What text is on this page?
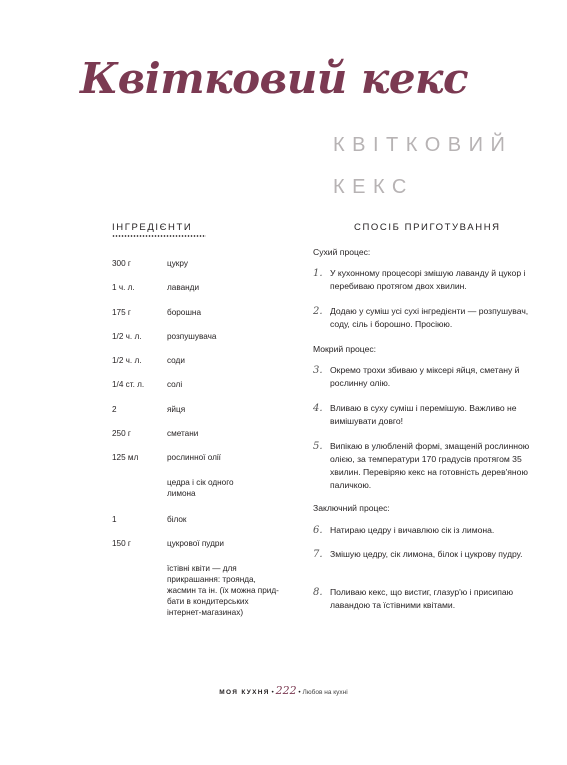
Квітковий кекс
КВІТКОВИЙ КЕКС
ІНГРЕДІЄНТИ	СПОСІБ ПРИГОТУВАННЯ
300 г	цукру
1 ч. л.	лаванди
175 г	борошна
1/2 ч. л.	розпушувача
1/2 ч. л.	соди
1/4 ст. л.	солі
2	яйця
250 г	сметани
125 мл	рослинної олії
цедра і сік одного лимона
1	білок
150 г	цукрової пудри
їстівні квіти — для прикрашання: троянда, жасмин та ін. (їх можна прид-бати в кондитерських інтернет-магазинах)
Сухий процес:
1. У кухонному процесорі змішую лаванду й цукор і перебиваю протягом двох хвилин.
2. Додаю у суміш усі сухі інгредієнти — розпушувач, соду, сіль і борошно. Просіюю.
Мокрий процес:
3. Окремо трохи збиваю у міксері яйця, сметану й рослинну олію.
4. Вливаю в суху суміш і перемішую. Важливо не вимішувати довго!
5. Випікаю в улюбленій формі, змащеній рослинною олією, за температури 170 градусів протягом 35 хвилин. Перевіряю кекс на готовність дерев'яною паличкою.
Заключний процес:
6. Натираю цедру і вичавлюю сік із лимона.
7. Змішую цедру, сік лимона, білок і цукрову пудру.
8. Поливаю кекс, що вистиг, глазур'ю і присипаю лавандою та їстівними квітами.
МОЯ КУХНЯ • 222 • Любов на кухні
